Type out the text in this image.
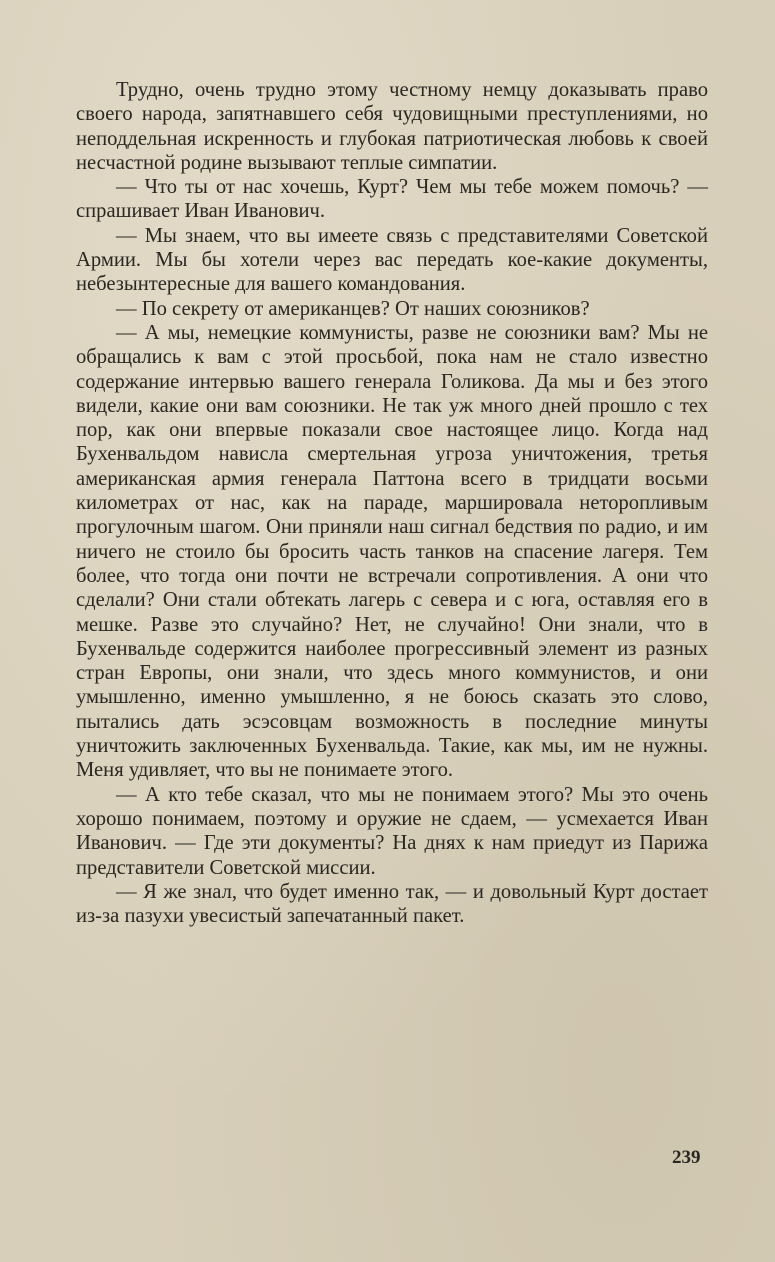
Трудно, очень трудно этому честному немцу доказывать право своего народа, запятнавшего себя чудовищными преступлениями, но неподдельная искренность и глубокая патриотическая любовь к своей несчастной родине вызывают теплые симпатии.

— Что ты от нас хочешь, Курт? Чем мы тебе можем помочь? — спрашивает Иван Иванович.

— Мы знаем, что вы имеете связь с представителями Советской Армии. Мы бы хотели через вас передать кое-какие документы, небезынтересные для вашего командования.

— По секрету от американцев? От наших союзников?

— А мы, немецкие коммунисты, разве не союзники вам? Мы не обращались к вам с этой просьбой, пока нам не стало известно содержание интервью вашего генерала Голикова. Да мы и без этого видели, какие они вам союзники. Не так уж много дней прошло с тех пор, как они впервые показали свое настоящее лицо. Когда над Бухенвальдом нависла смертельная угроза уничтожения, третья американская армия генерала Паттона всего в тридцати восьми километрах от нас, как на параде, маршировала неторопливым прогулочным шагом. Они приняли наш сигнал бедствия по радио, и им ничего не стоило бы бросить часть танков на спасение лагеря. Тем более, что тогда они почти не встречали сопротивления. А они что сделали? Они стали обтекать лагерь с севера и с юга, оставляя его в мешке. Разве это случайно? Нет, не случайно! Они знали, что в Бухенвальде содержится наиболее прогрессивный элемент из разных стран Европы, они знали, что здесь много коммунистов, и они умышленно, именно умышленно, я не боюсь сказать это слово, пытались дать эсэсовцам возможность в последние минуты уничтожить заключенных Бухенвальда. Такие, как мы, им не нужны. Меня удивляет, что вы не понимаете этого.

— А кто тебе сказал, что мы не понимаем этого? Мы это очень хорошо понимаем, поэтому и оружие не сдаем, — усмехается Иван Иванович. — Где эти документы? На днях к нам приедут из Парижа представители Советской миссии.

— Я же знал, что будет именно так, — и довольный Курт достает из-за пазухи увесистый запечатанный пакет.

239
